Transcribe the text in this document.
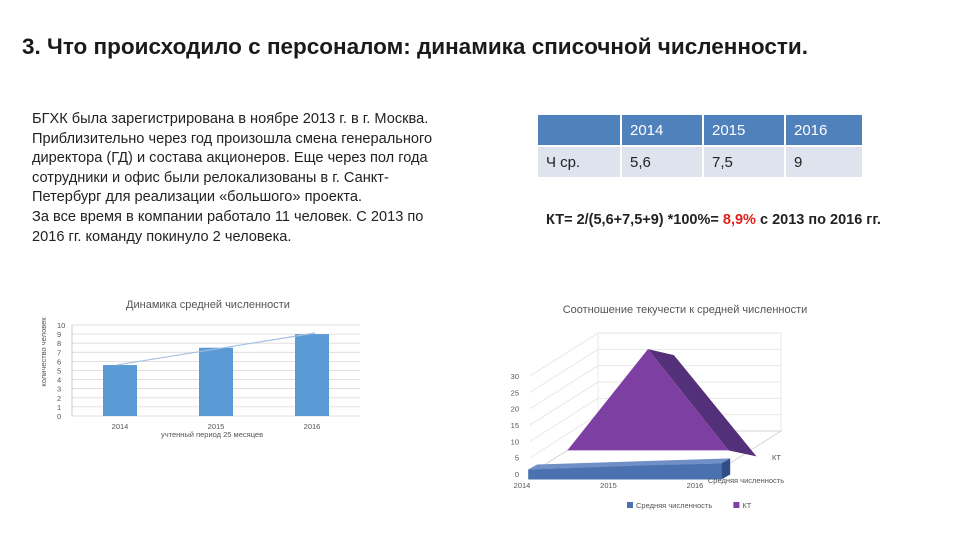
3. Что происходило с персоналом: динамика списочной численности.
БГХК была зарегистрирована в ноябре 2013 г. в г. Москва.
Приблизительно через год произошла смена генерального
директора (ГД) и состава акционеров. Еще через пол года
сотрудники и офис были релокализованы в г. Санкт-
Петербург для реализации «большого» проекта.
За все время в компании работало 11 человек. С 2013 по
2016 гг. команду покинуло 2 человека.
	2014	2015	2016
Ч ср.	5,6	7,5	9
КТ= 2/(5,6+7,5+9) *100%= 8,9% с 2013 по 2016 гг.
Динамика средней численности
количество человек
0
1
2
3
4
5
6
7
8
9
10
2014	2015	2016
учтенный период 25 месяцев
Соотношение текучести к средней численности
0
5
10
15
20
25
30
2014	2015	2016
КТ
Средняя численность
Средняя численность	КТ
